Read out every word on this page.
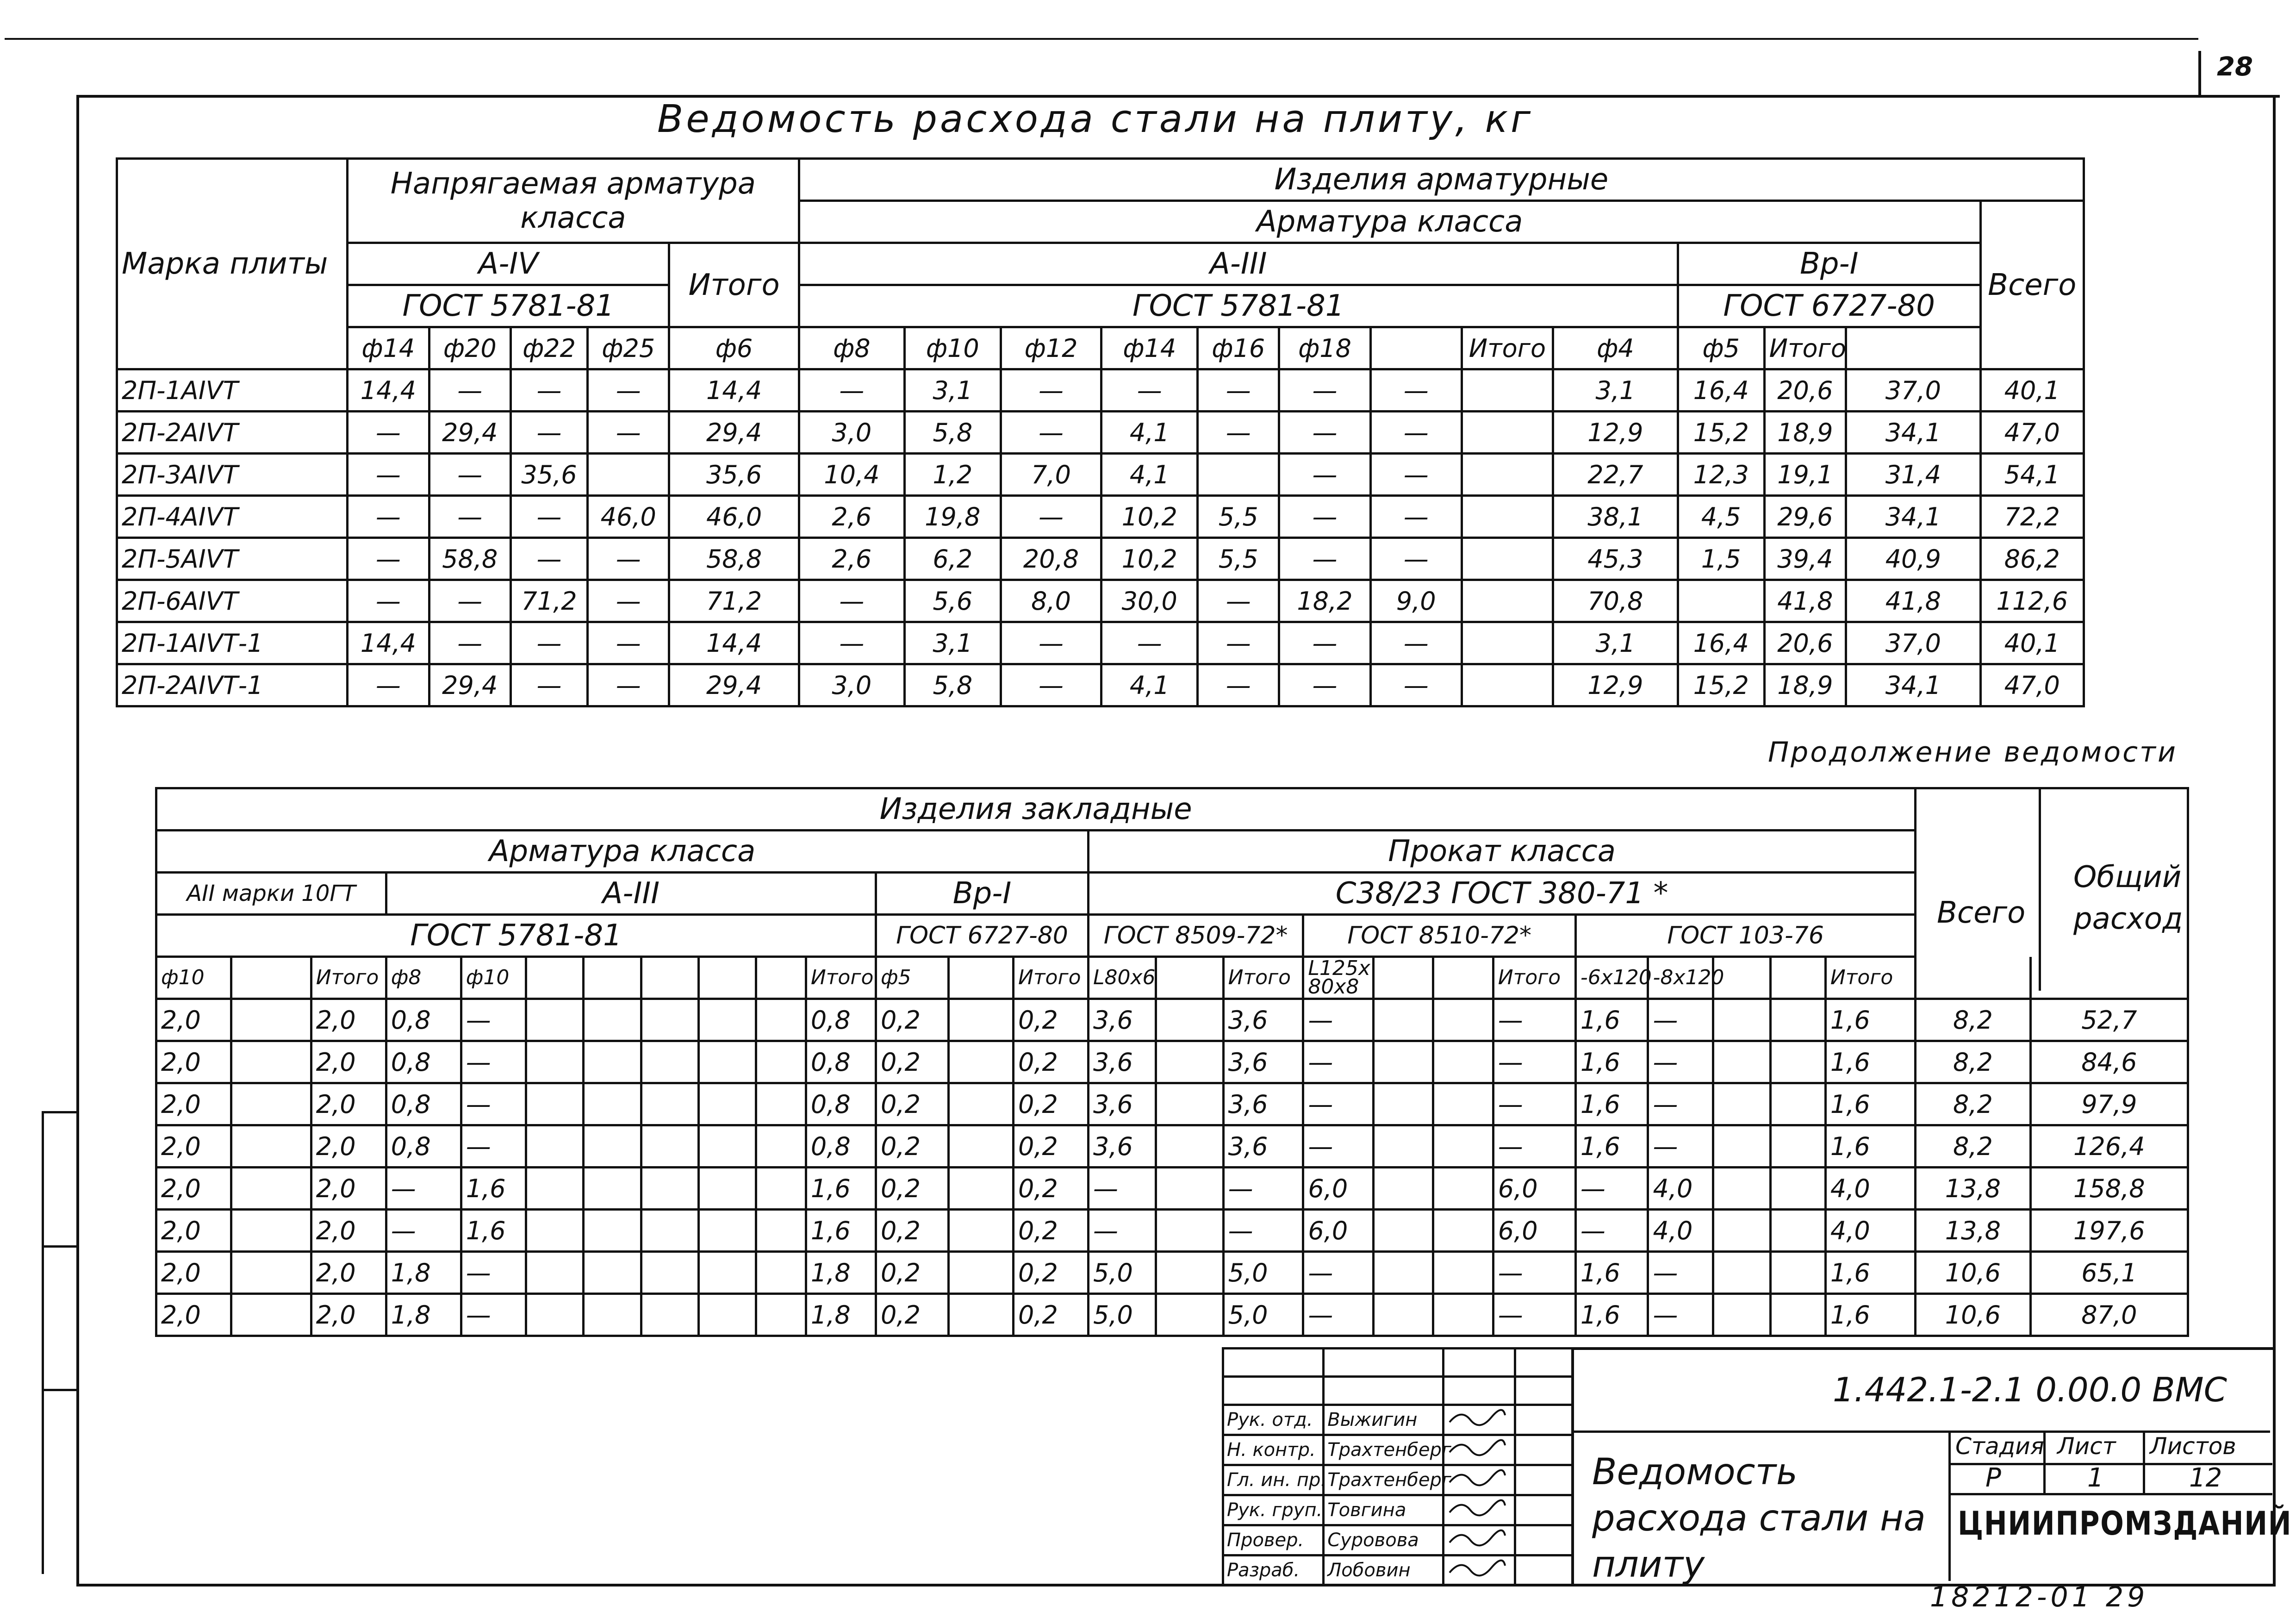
28
Ведомость расхода стали на плиту, кг
Марка плиты	Напрягаемая арматура класса					Изделия арматурные												
						Арматура класса												Всего
	А-IV				Итого	А-III									Вр-I			
	ГОСТ 5781-81					ГОСТ 5781-81									ГОСТ 6727-80			
	ф14	ф20	ф22	ф25	ф6	ф8	ф10	ф12	ф14	ф16	ф18		Итого	ф4	ф5	Итого		
2П-1АIVТ	14,4	—	—	—	14,4	—	3,1	—	—	—	—	—		3,1	16,4	20,6	37,0	40,1
2П-2АIVТ	—	29,4	—	—	29,4	3,0	5,8	—	4,1	—	—	—		12,9	15,2	18,9	34,1	47,0
2П-3АIVТ	—	—	35,6		35,6	10,4	1,2	7,0	4,1		—	—		22,7	12,3	19,1	31,4	54,1
2П-4АIVТ	—	—	—	46,0	46,0	2,6	19,8	—	10,2	5,5	—	—		38,1	4,5	29,6	34,1	72,2
2П-5АIVТ	—	58,8	—	—	58,8	2,6	6,2	20,8	10,2	5,5	—	—		45,3	1,5	39,4	40,9	86,2
2П-6АIVТ	—	—	71,2	—	71,2	—	5,6	8,0	30,0	—	18,2	9,0		70,8		41,8	41,8	112,6
2П-1АIVТ-1	14,4	—	—	—	14,4	—	3,1	—	—	—	—	—		3,1	16,4	20,6	37,0	40,1
2П-2АIVТ-1	—	29,4	—	—	29,4	3,0	5,8	—	4,1	—	—	—		12,9	15,2	18,9	34,1	47,0
Продолжение ведомости
Изделия закладные																											
Арматура класса														Прокат класса													
АII марки 10ГТ			А-III								Вр-I			С38/23 ГОСТ 380-71 *													
ГОСТ 5781-81											ГОСТ 6727-80			ГОСТ 8509-72*			ГОСТ 8510-72*				ГОСТ 103-76						
ф10		Итого	ф8	ф10						Итого	ф5		Итого	L80х6		Итого	L125х 80х8			Итого	-6х120	-8х120			Итого		
2,0		2,0	0,8	—						0,8	0,2		0,2	3,6		3,6	—			—	1,6	—			1,6	8,2	52,7
2,0		2,0	0,8	—						0,8	0,2		0,2	3,6		3,6	—			—	1,6	—			1,6	8,2	84,6
2,0		2,0	0,8	—						0,8	0,2		0,2	3,6		3,6	—			—	1,6	—			1,6	8,2	97,9
2,0		2,0	0,8	—						0,8	0,2		0,2	3,6		3,6	—			—	1,6	—			1,6	8,2	126,4
2,0		2,0	—	1,6						1,6	0,2		0,2	—		—	6,0			6,0	—	4,0			4,0	13,8	158,8
2,0		2,0	—	1,6						1,6	0,2		0,2	—		—	6,0			6,0	—	4,0			4,0	13,8	197,6
2,0		2,0	1,8	—						1,8	0,2		0,2	5,0		5,0	—			—	1,6	—			1,6	10,6	65,1
2,0		2,0	1,8	—						1,8	0,2		0,2	5,0		5,0	—			—	1,6	—			1,6	10,6	87,0
Всего
Общий расход

Рук. отд.	Выжигин		
Н. контр.	Трахтенберг		
Гл. ин. пр.	Трахтенберг		
Рук. груп.	Товгина		
Провер.	Суровова		
Разраб.	Лобовин		
1.442.1-2.1 0.00.0 ВМС
Ведомость расхода стали на плиту
Стадия Лист Листов
Р	1	12
ЦНИИПРОМЗДАНИЙ
18212-01 29
